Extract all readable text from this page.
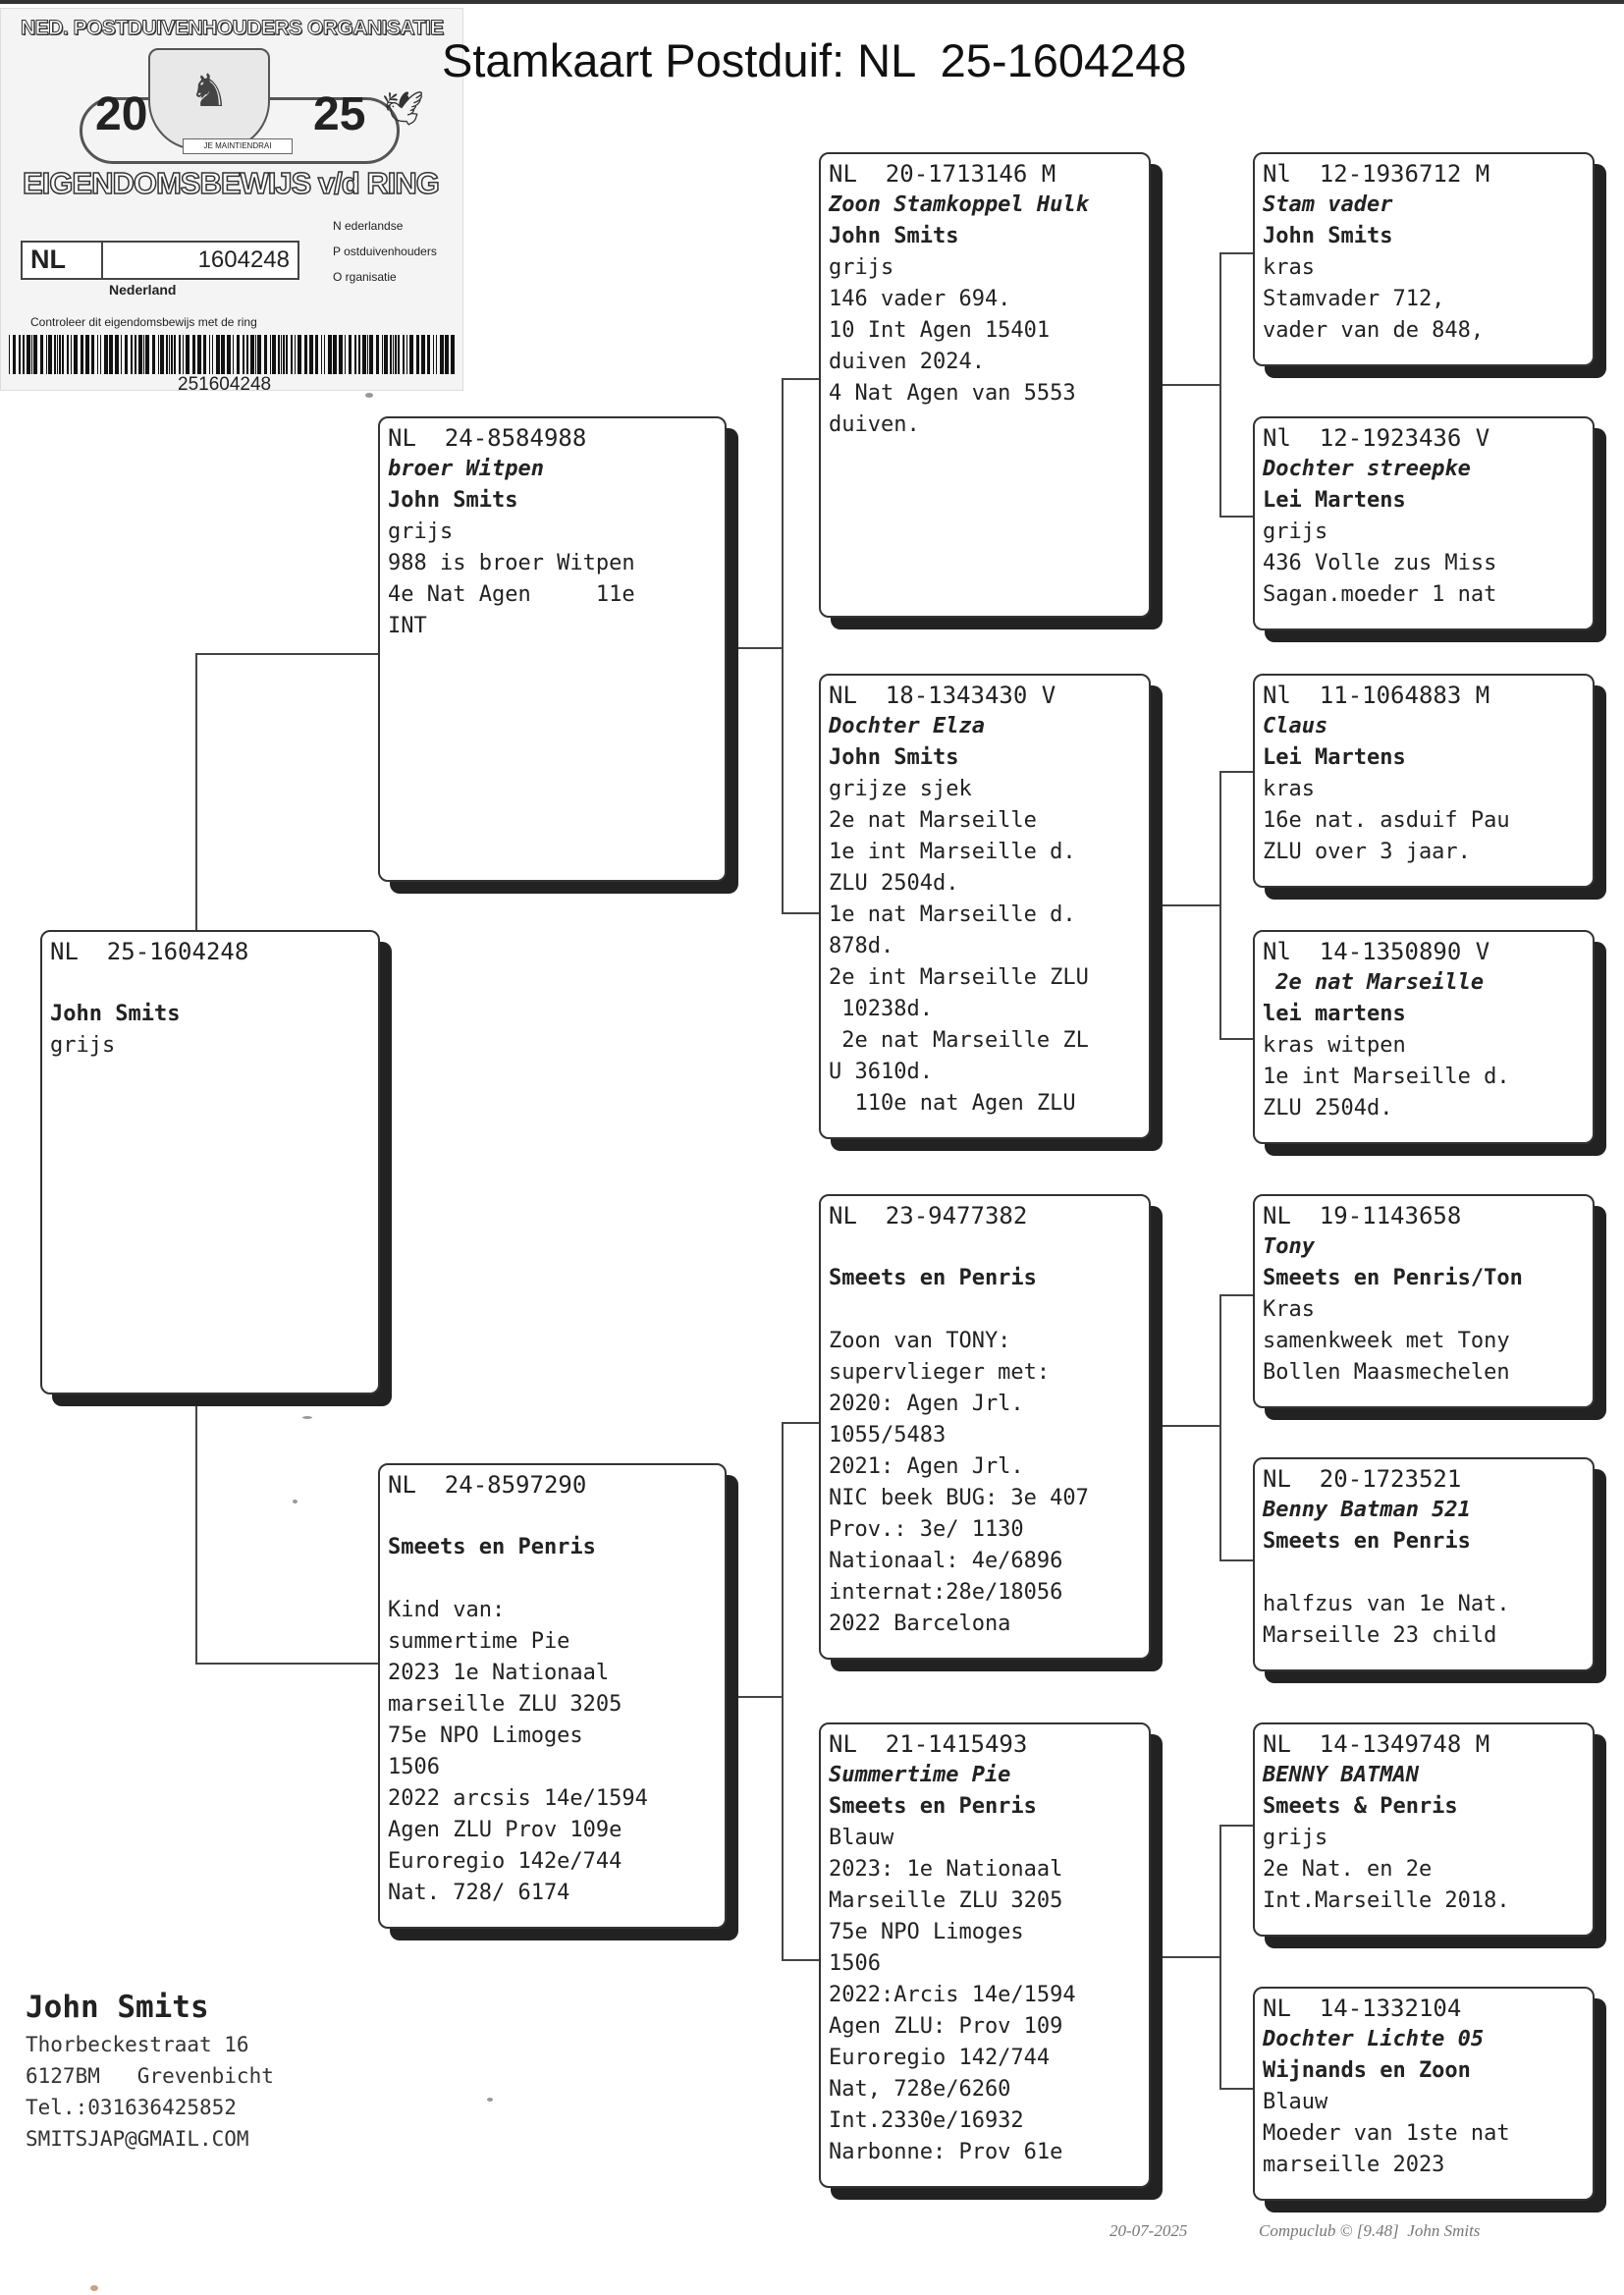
NED. POSTDUIVENHOUDERS ORGANISATIE
♞
20	25 🕊
JE MAINTIENDRAI
EIGENDOMSBEWIJS v/d RING
NL	1604248
N ederlandse
P ostduivenhouders
O rganisatie
Nederland
Controleer dit eigendomsbewijs met de ring
251604248
Stamkaart Postduif: NL  25-1604248
NL  25-1604248
John Smits
grijs
NL  24-8584988
broer Witpen
John Smits
grijs
988 is broer Witpen
4e Nat Agen     11e
INT
NL  24-8597290
Smeets en Penris
Kind van:
summertime Pie
2023 1e Nationaal
marseille ZLU 3205
75e NPO Limoges
1506
2022 arcsis 14e/1594
Agen ZLU Prov 109e
Euroregio 142e/744
Nat. 728/ 6174
NL  20-1713146 M
Zoon Stamkoppel Hulk
John Smits
grijs
146 vader 694.
10 Int Agen 15401
duiven 2024.
4 Nat Agen van 5553
duiven.
NL  18-1343430 V
Dochter Elza
John Smits
grijze sjek
2e nat Marseille
1e int Marseille d.
ZLU 2504d.
1e nat Marseille d.
878d.
2e int Marseille ZLU
10238d.
2e nat Marseille ZL
U 3610d.
110e nat Agen ZLU
NL  23-9477382
Smeets en Penris
Zoon van TONY:
supervlieger met:
2020: Agen Jrl.
1055/5483
2021: Agen Jrl.
NIC beek BUG: 3e 407
Prov.: 3e/ 1130
Nationaal: 4e/6896
internat:28e/18056
2022 Barcelona
NL  21-1415493
Summertime Pie
Smeets en Penris
Blauw
2023: 1e Nationaal
Marseille ZLU 3205
75e NPO Limoges
1506
2022:Arcis 14e/1594
Agen ZLU: Prov 109
Euroregio 142/744
Nat, 728e/6260
Int.2330e/16932
Narbonne: Prov 61e
Nl  12-1936712 M
Stam vader
John Smits
kras
Stamvader 712,
vader van de 848,
Nl  12-1923436 V
Dochter streepke
Lei Martens
grijs
436 Volle zus Miss
Sagan.moeder 1 nat
Nl  11-1064883 M
Claus
Lei Martens
kras
16e nat. asduif Pau
ZLU over 3 jaar.
Nl  14-1350890 V
2e nat Marseille
lei martens
kras witpen
1e int Marseille d.
ZLU 2504d.
NL  19-1143658
Tony
Smeets en Penris/Ton
Kras
samenkweek met Tony
Bollen Maasmechelen
NL  20-1723521
Benny Batman 521
Smeets en Penris
halfzus van 1e Nat.
Marseille 23 child
NL  14-1349748 M
BENNY BATMAN
Smeets & Penris
grijs
2e Nat. en 2e
Int.Marseille 2018.
NL  14-1332104
Dochter Lichte 05
Wijnands en Zoon
Blauw
Moeder van 1ste nat
marseille 2023
John Smits
Thorbeckestraat 16
6127BM   Grevenbicht
Tel.:031636425852
SMITSJAP@GMAIL.COM
20-07-2025	Compuclub © [9.48]  John Smits
